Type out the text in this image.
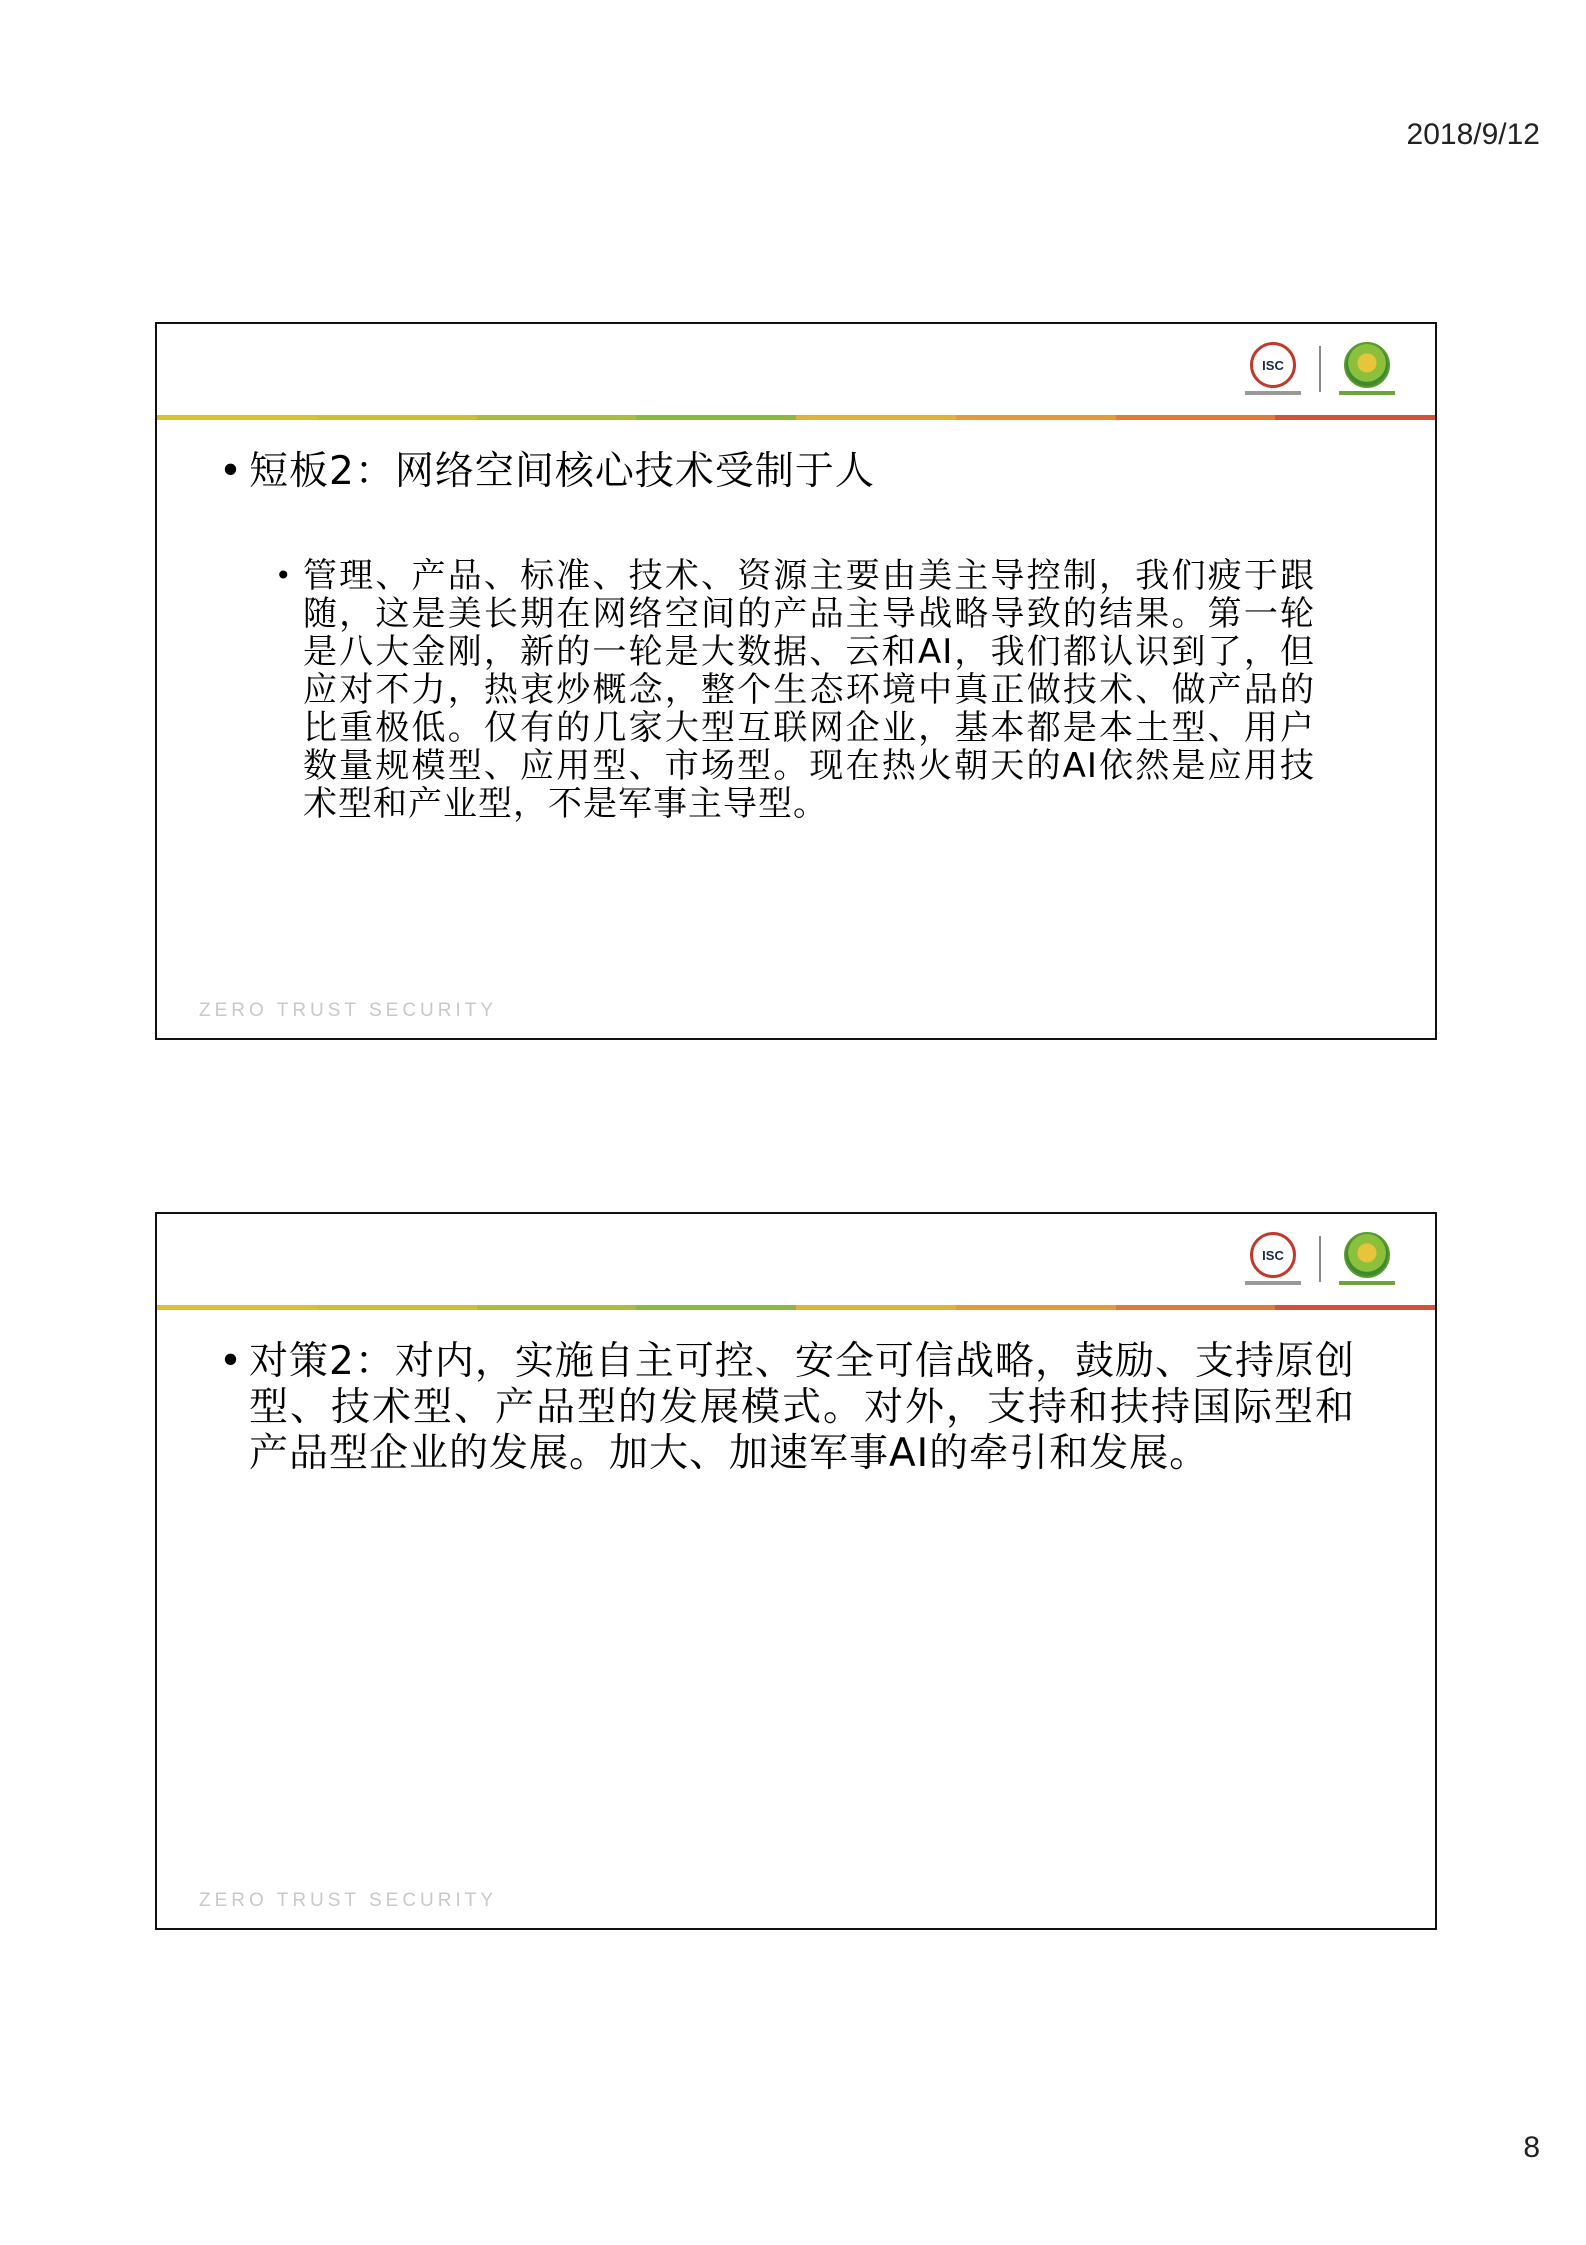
2018/9/12
ISC
• 短板2：网络空间核心技术受制于人
• 管理、产品、标准、技术、资源主要由美主导控制，我们疲于跟随，这是美长期在网络空间的产品主导战略导致的结果。第一轮是八大金刚，新的一轮是大数据、云和AI，我们都认识到了，但应对不力，热衷炒概念，整个生态环境中真正做技术、做产品的比重极低。仅有的几家大型互联网企业，基本都是本土型、用户数量规模型、应用型、市场型。现在热火朝天的AI依然是应用技术型和产业型，不是军事主导型。
ZERO TRUST SECURITY
ISC
• 对策2：对内，实施自主可控、安全可信战略，鼓励、支持原创型、技术型、产品型的发展模式。对外，支持和扶持国际型和产品型企业的发展。加大、加速军事AI的牵引和发展。
ZERO TRUST SECURITY
8
